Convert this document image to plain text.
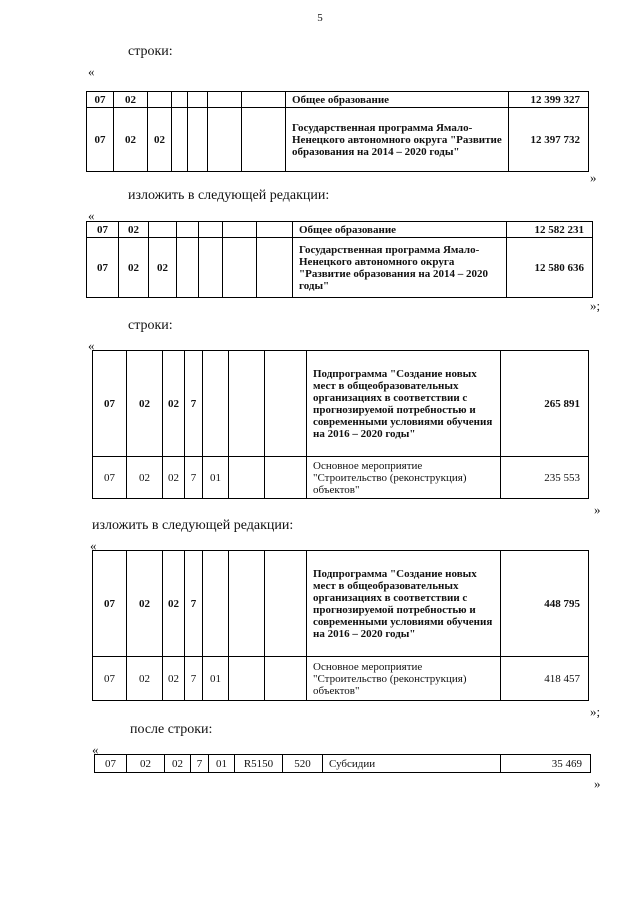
5
строки:
«
07	02						Общее образование	12 399 327
07	02	02					Государственная программа Ямало-Ненецкого автономного округа "Развитие образования на 2014 – 2020 годы"	12 397 732
»
изложить в следующей редакции:
«
07	02						Общее образование	12 582 231
07	02	02					Государственная программа Ямало-Ненецкого автономного округа "Развитие образования на 2014 – 2020 годы"	12 580 636
»;
строки:
«
07	02	02	7				Подпрограмма "Создание новых мест в общеобразовательных организациях в соответствии с прогнозируемой потребностью и современными условиями обучения на 2016 – 2020 годы"	265 891
07	02	02	7	01			Основное мероприятие "Строительство (реконструкция) объектов"	235 553
»
изложить в следующей редакции:
«
07	02	02	7				Подпрограмма "Создание новых мест в общеобразовательных организациях в соответствии с прогнозируемой потребностью и современными условиями обучения на 2016 – 2020 годы"	448 795
07	02	02	7	01			Основное мероприятие "Строительство (реконструкция) объектов"	418 457
»;
после строки:
«
07	02	02	7	01	R5150	520	Субсидии	35 469
»
